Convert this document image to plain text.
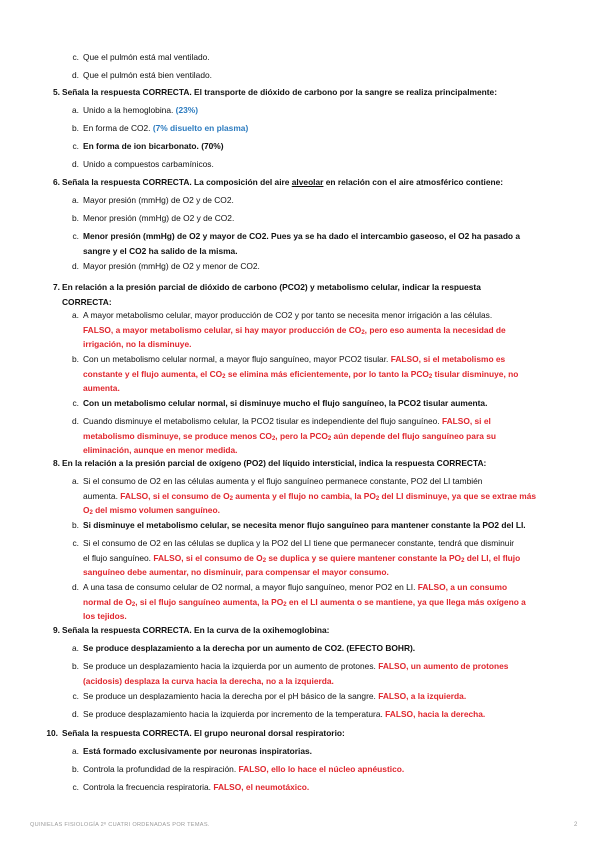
c. Que el pulmón está mal ventilado.
d. Que el pulmón está bien ventilado.
5. Señala la respuesta CORRECTA. El transporte de dióxido de carbono por la sangre se realiza principalmente:
a. Unido a la hemoglobina. (23%)
b. En forma de CO2. (7% disuelto en plasma)
c. En forma de ion bicarbonato. (70%)
d. Unido a compuestos carbamínicos.
6. Señala la respuesta CORRECTA. La composición del aire alveolar en relación con el aire atmosférico contiene:
a. Mayor presión (mmHg) de O2 y de CO2.
b. Menor presión (mmHg) de O2 y de CO2.
c. Menor presión (mmHg) de O2 y mayor de CO2. Pues ya se ha dado el intercambio gaseoso, el O2 ha pasado a
sangre y el CO2 ha salido de la misma.
d. Mayor presión (mmHg) de O2 y menor de CO2.
7. En relación a la presión parcial de dióxido de carbono (PCO2) y metabolismo celular, indicar la respuesta
CORRECTA:
a. A mayor metabolismo celular, mayor producción de CO2 y por tanto se necesita menor irrigación a las células.
FALSO, a mayor metabolismo celular, si hay mayor producción de $CO_2$, pero eso aumenta la necesidad de
irrigación, no la disminuye.
b. Con un metabolismo celular normal, a mayor flujo sanguíneo, mayor PCO2 tisular. FALSO, si el metabolismo es
constante y el flujo aumenta, el $CO_2$ se elimina más eficientemente, por lo tanto la $PCO_2$ tisular disminuye, no
aumenta.
c. Con un metabolismo celular normal, si disminuye mucho el flujo sanguíneo, la PCO2 tisular aumenta.
d. Cuando disminuye el metabolismo celular, la PCO2 tisular es independiente del flujo sanguíneo. FALSO, si el
metabolismo disminuye, se produce menos $CO_2$, pero la $PCO_2$ aún depende del flujo sanguíneo para su
eliminación, aunque en menor medida.
8. En la relación a la presión parcial de oxígeno (PO2) del líquido intersticial, indica la respuesta CORRECTA:
a. Si el consumo de O2 en las células aumenta y el flujo sanguíneo permanece constante, PO2 del LI también
aumenta. FALSO, si el consumo de $O_2$ aumenta y el flujo no cambia, la $PO_2$ del LI disminuye, ya que se extrae más
$O_2$ del mismo volumen sanguíneo.
b. Si disminuye el metabolismo celular, se necesita menor flujo sanguíneo para mantener constante la PO2 del LI.
c. Si el consumo de O2 en las células se duplica y la PO2 del LI tiene que permanecer constante, tendrá que disminuir
el flujo sanguíneo. FALSO, si el consumo de $O_2$ se duplica y se quiere mantener constante la $PO_2$ del LI, el flujo
sanguíneo debe aumentar, no disminuir, para compensar el mayor consumo.
d. A una tasa de consumo celular de O2 normal, a mayor flujo sanguíneo, menor PO2 en LI. FALSO, a un consumo
normal de $O_2$, si el flujo sanguíneo aumenta, la $PO_2$ en el LI aumenta o se mantiene, ya que llega más oxígeno a
los tejidos.
9. Señala la respuesta CORRECTA. En la curva de la oxihemoglobina:
a. Se produce desplazamiento a la derecha por un aumento de CO2. (EFECTO BOHR).
b. Se produce un desplazamiento hacia la izquierda por un aumento de protones. FALSO, un aumento de protones
(acidosis) desplaza la curva hacia la derecha, no a la izquierda.
c. Se produce un desplazamiento hacia la derecha por el pH básico de la sangre. FALSO, a la izquierda.
d. Se produce desplazamiento hacia la izquierda por incremento de la temperatura. FALSO, hacia la derecha.
10. Señala la respuesta CORRECTA. El grupo neuronal dorsal respiratorio:
a. Está formado exclusivamente por neuronas inspiratorias.
b. Controla la profundidad de la respiración. FALSO, ello lo hace el núcleo apnéustico.
c. Controla la frecuencia respiratoria. FALSO, el neumotáxico.
QUINIELAS FISIOLOGÍA 2º CUATRI ORDENADAS POR TEMAS.	2
